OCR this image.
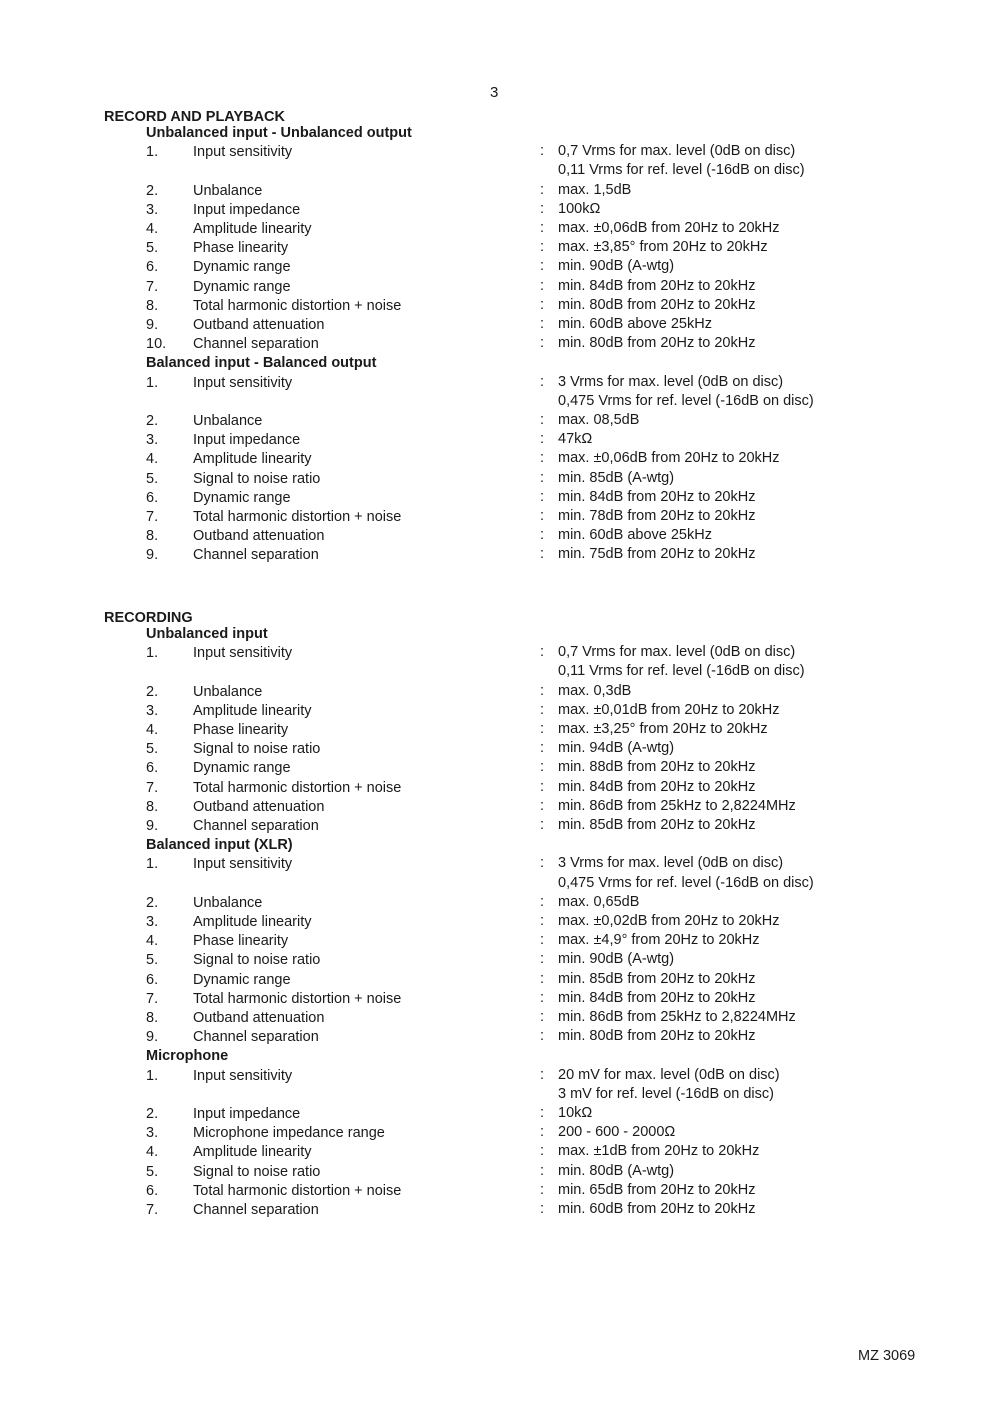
3
RECORD AND PLAYBACK
Unbalanced input - Unbalanced output
1.	Input sensitivity	: 0,7 Vrms for max. level (0dB on disc)
0,11 Vrms for ref. level (-16dB on disc)
2.	Unbalance	: max. 1,5dB
3.	Input impedance	: 100kΩ
4.	Amplitude linearity	: max. ±0,06dB from 20Hz to 20kHz
5.	Phase linearity	: max. ±3,85° from 20Hz to 20kHz
6.	Dynamic range	: min. 90dB (A-wtg)
7.	Dynamic range	: min. 84dB from 20Hz to 20kHz
8.	Total harmonic distortion + noise	: min. 80dB from 20Hz to 20kHz
9.	Outband attenuation	: min. 60dB above 25kHz
10.	Channel separation	: min. 80dB from 20Hz to 20kHz
Balanced input - Balanced output
1.	Input sensitivity	: 3 Vrms for max. level (0dB on disc)
0,475 Vrms for ref. level (-16dB on disc)
2.	Unbalance	: max. 08,5dB
3.	Input impedance	: 47kΩ
4.	Amplitude linearity	: max. ±0,06dB from 20Hz to 20kHz
5.	Signal to noise ratio	: min. 85dB (A-wtg)
6.	Dynamic range	: min. 84dB from 20Hz to 20kHz
7.	Total harmonic distortion + noise	: min. 78dB from 20Hz to 20kHz
8.	Outband attenuation	: min. 60dB above 25kHz
9.	Channel separation	: min. 75dB from 20Hz to 20kHz
RECORDING
Unbalanced input
1.	Input sensitivity	: 0,7 Vrms for max. level (0dB on disc)
0,11 Vrms for ref. level (-16dB on disc)
2.	Unbalance	: max. 0,3dB
3.	Amplitude linearity	: max. ±0,01dB from 20Hz to 20kHz
4.	Phase linearity	: max. ±3,25° from 20Hz to 20kHz
5.	Signal to noise ratio	: min. 94dB (A-wtg)
6.	Dynamic range	: min. 88dB from 20Hz to 20kHz
7.	Total harmonic distortion + noise	: min. 84dB from 20Hz to 20kHz
8.	Outband attenuation	: min. 86dB from 25kHz to 2,8224MHz
9.	Channel separation	: min. 85dB from 20Hz to 20kHz
Balanced input (XLR)
1.	Input sensitivity	: 3 Vrms for max. level (0dB on disc)
0,475 Vrms for ref. level (-16dB on disc)
2.	Unbalance	: max. 0,65dB
3.	Amplitude linearity	: max. ±0,02dB from 20Hz to 20kHz
4.	Phase linearity	: max. ±4,9° from 20Hz to 20kHz
5.	Signal to noise ratio	: min. 90dB (A-wtg)
6.	Dynamic range	: min. 85dB from 20Hz to 20kHz
7.	Total harmonic distortion + noise	: min. 84dB from 20Hz to 20kHz
8.	Outband attenuation	: min. 86dB from 25kHz to 2,8224MHz
9.	Channel separation	: min. 80dB from 20Hz to 20kHz
Microphone
1.	Input sensitivity	: 20 mV for max. level (0dB on disc)
3 mV for ref. level (-16dB on disc)
2.	Input impedance	: 10kΩ
3.	Microphone impedance range	: 200 - 600 - 2000Ω
4.	Amplitude linearity	: max. ±1dB from 20Hz to 20kHz
5.	Signal to noise ratio	: min. 80dB (A-wtg)
6.	Total harmonic distortion + noise	: min. 65dB from 20Hz to 20kHz
7.	Channel separation	: min. 60dB from 20Hz to 20kHz
MZ 3069
